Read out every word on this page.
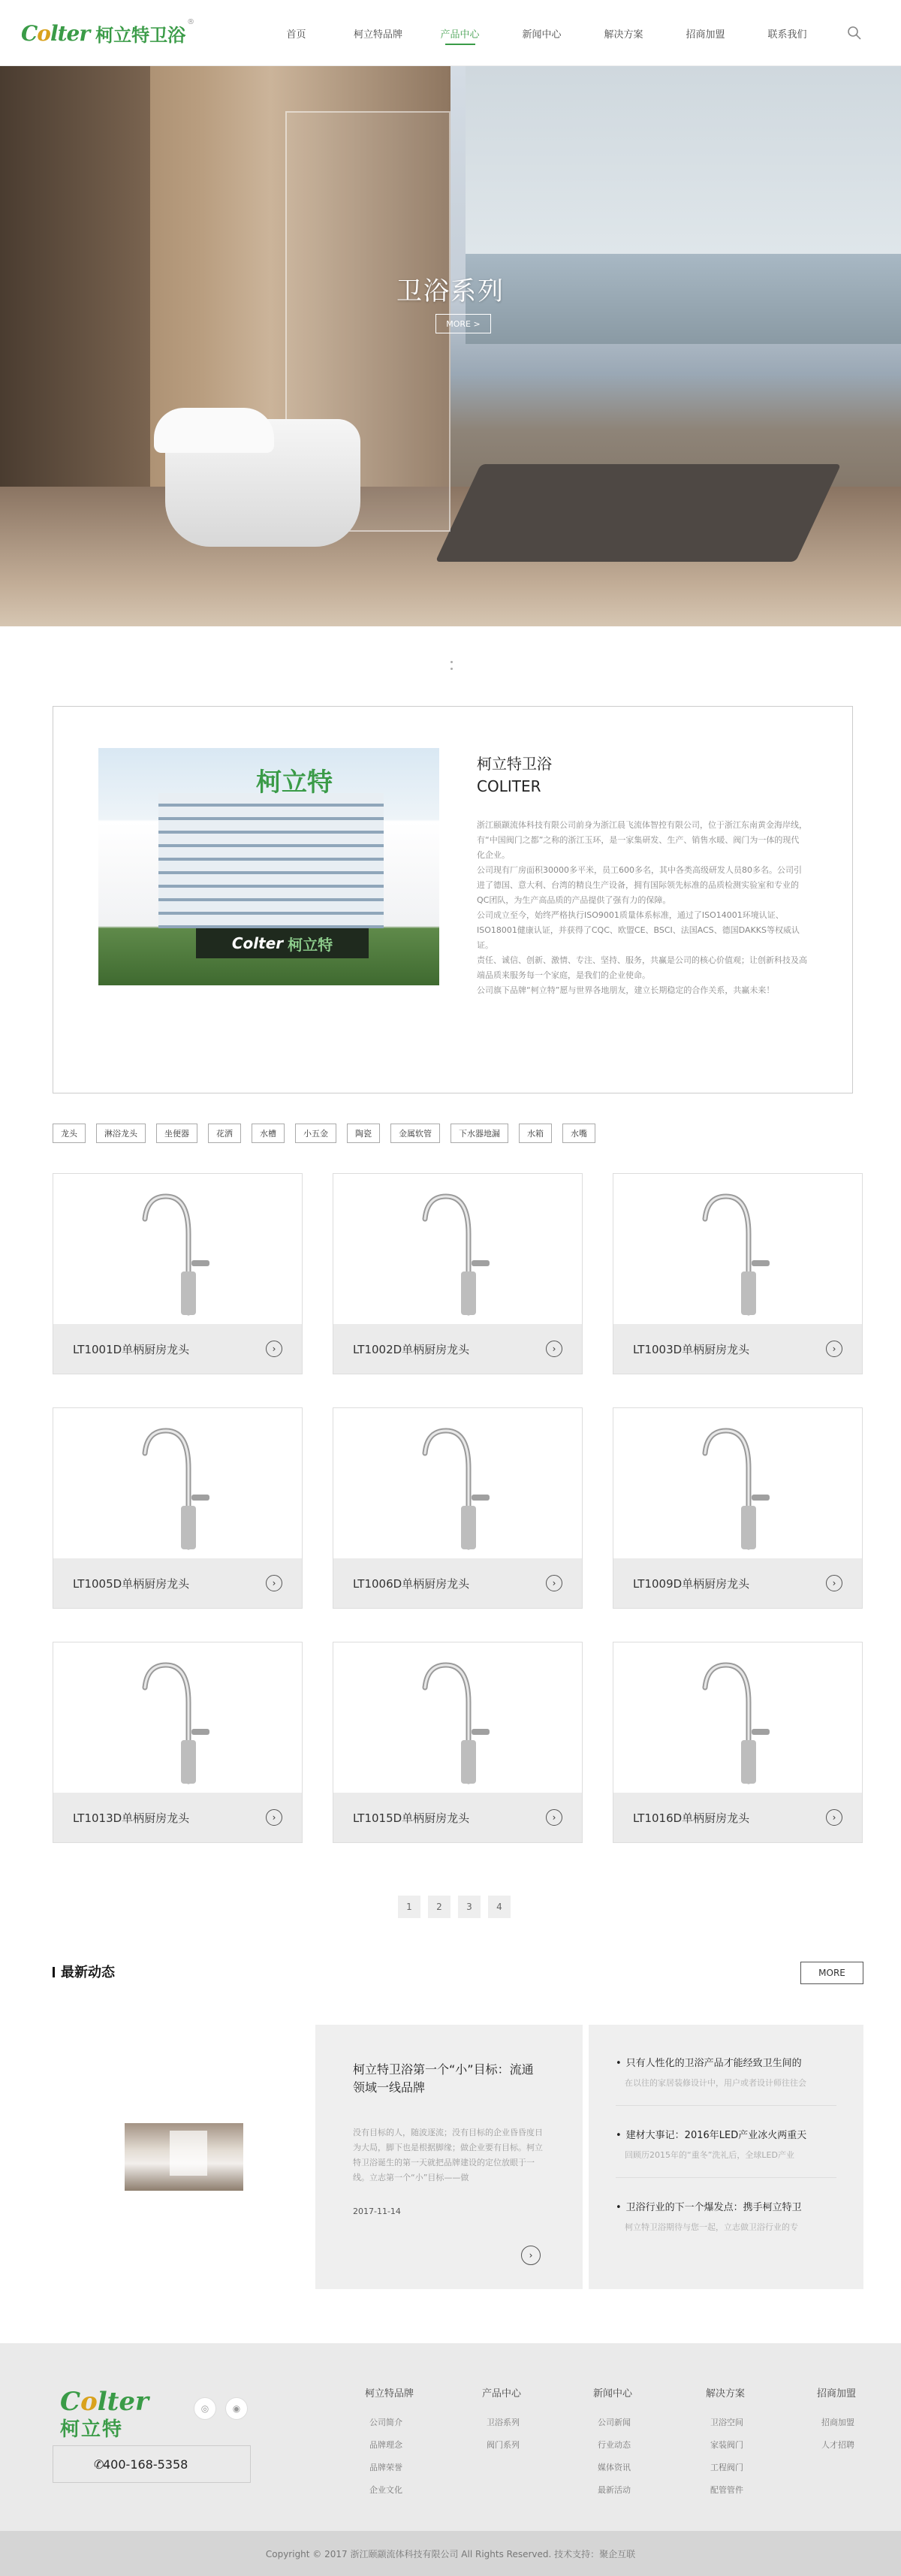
Colter 柯立特卫浴
®
首页	柯立特品牌	产品中心	新闻中心	解决方案	招商加盟	联系我们
卫浴系列
MORE >
柯立特
Colter 柯立特
柯立特卫浴
COLITER

浙江颐颛流体科技有限公司前身为浙江晨飞流体智控有限公司，位于浙江东南黄金海岸线，有“中国阀门之都”之称的浙江玉环，是一家集研发、生产、销售水暖、阀门为一体的现代化企业。

公司现有厂房面积30000多平米，员工600多名，其中各类高级研发人员80多名。公司引进了德国、意大利、台湾的精良生产设备，拥有国际领先标准的品质检测实验室和专业的QC团队，为生产高品质的产品提供了强有力的保障。

公司成立至今，始终严格执行ISO9001质量体系标准，通过了ISO14001环境认证、ISO18001健康认证，并获得了CQC、欧盟CE、BSCI、法国ACS、德国DAKKS等权威认证。

责任、诚信、创新、激情、专注、坚持、服务，共赢是公司的核心价值观；让创新科技及高端品质来服务每一个家庭，是我们的企业使命。

公司旗下品牌“柯立特”愿与世界各地朋友，建立长期稳定的合作关系，共赢未来！

龙头	淋浴龙头	坐便器	花洒	水槽	小五金	陶瓷	金属软管	下水器地漏	水箱	水嘴
LT1001D单柄厨房龙头	›	LT1002D单柄厨房龙头	›	LT1003D单柄厨房龙头	›
LT1005D单柄厨房龙头	›	LT1006D单柄厨房龙头	›	LT1009D单柄厨房龙头	›
LT1013D单柄厨房龙头	›	LT1015D单柄厨房龙头	›	LT1016D单柄厨房龙头	›
1	2	3	4
最新动态	MORE
柯立特卫浴第一个“小”目标：流通领域一线品牌
没有目标的人，随波逐流；没有目标的企业昏昏度日为大局，脚下也是根据脚缘；做企业要有目标。柯立特卫浴诞生的第一天就把品牌建设的定位放眼于一线。立志第一个“小”目标——做
2017-11-14
›
• 只有人性化的卫浴产品才能经致卫生间的
在以往的家居装修设计中，用户或者设计师往往会
• 建材大事记：2016年LED产业冰火两重天
回顾历2015年的“重冬”洗礼后，全球LED产业
• 卫浴行业的下一个爆发点：携手柯立特卫
柯立特卫浴期待与您一起，立志做卫浴行业的专
Colter
柯立特
◎	◉
✆
400-168-5358
柯立特品牌
公司简介
品牌理念
品牌荣誉
企业文化
产品中心
卫浴系列
阀门系列
新闻中心
公司新闻
行业动态
媒体资讯
最新活动
解决方案
卫浴空间
家装阀门
工程阀门
配管管件
招商加盟
招商加盟
人才招聘
Copyright © 2017 浙江颐颛流体科技有限公司 All Rights Reserved. 技术支持：聚企互联
